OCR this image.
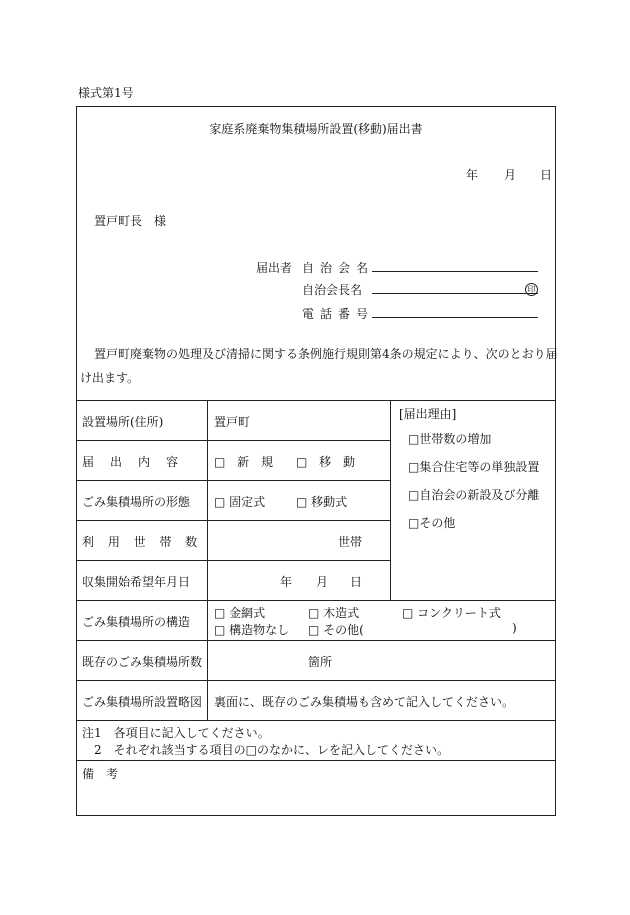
様式第1号
家庭系廃棄物集積場所設置(移動)届出書
年 月 日
置戸町長　様
届出者 自治会名
自治会長名	印
電話番号
置戸町廃棄物の処理及び清掃に関する条例施行規則第4条の規定により、次のとおり届
け出ます。
設置場所(住所)	置戸町
届　出　内　容	□ 新 規 □ 移 動
ごみ集積場所の形態 □ 固定式	□ 移動式
利 用 世 帯 数	世帯
収集開始希望年月日	年 月 日
[届出理由]
□世帯数の増加
□集合住宅等の単独設置
□自治会の新設及び分離
□その他
ごみ集積場所の構造
□ 金網式	□ 木造式	□ コンクリート式
□ 構造物なし □ その他(	)
既存のごみ集積場所数	箇所
ごみ集積場所設置略図 裏面に、既存のごみ集積場も含めて記入してください。
注1　各項目に記入してください。
　2　それぞれ該当する項目の□のなかに、レを記入してください。
備　考
